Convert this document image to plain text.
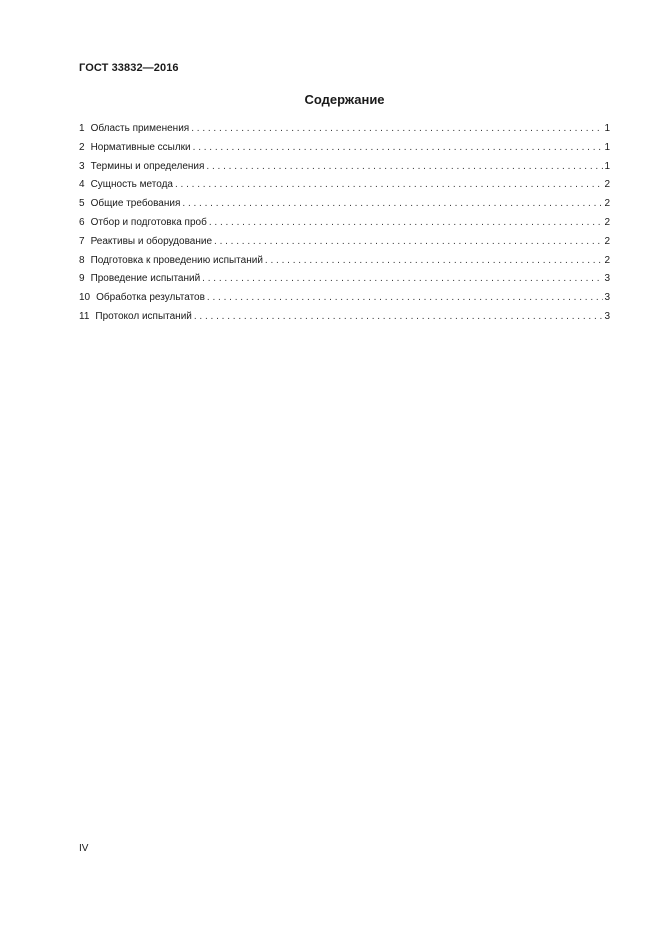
ГОСТ 33832—2016
Содержание
1 Область применения . . .	1
2 Нормативные ссылки . . .	1
3 Термины и определения . . .	1
4 Сущность метода . . .	2
5 Общие требования . . .	2
6 Отбор и подготовка проб . . .	2
7 Реактивы и оборудование . . .	2
8 Подготовка к проведению испытаний . . .	2
9 Проведение испытаний . . .	3
10 Обработка результатов . . .	3
11 Протокол испытаний . . .	3
IV
